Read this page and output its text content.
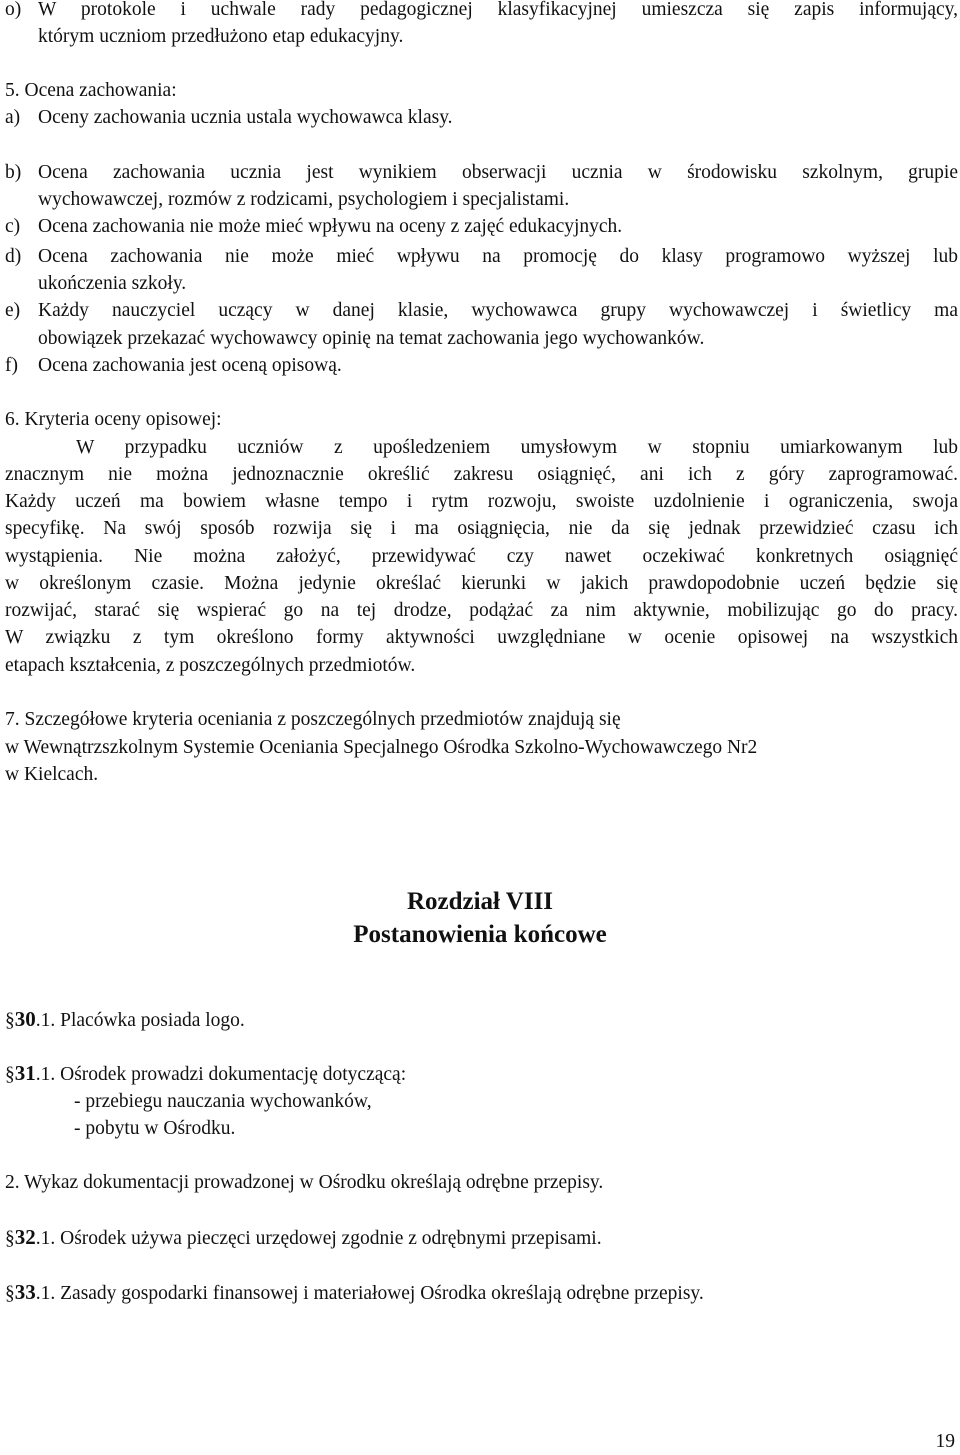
o) W protokole i uchwale rady pedagogicznej klasyfikacyjnej umieszcza się zapis informujący,
którym uczniom przedłużono etap edukacyjny.
5. Ocena zachowania:
a) Oceny zachowania ucznia ustala wychowawca klasy.
b) Ocena zachowania ucznia jest wynikiem obserwacji ucznia w środowisku szkolnym, grupie
wychowawczej, rozmów z rodzicami, psychologiem i specjalistami.
c) Ocena zachowania nie może mieć wpływu na oceny z zajęć edukacyjnych.
d) Ocena zachowania nie może mieć wpływu na promocję do klasy programowo wyższej lub
ukończenia szkoły.
e) Każdy nauczyciel uczący w danej klasie, wychowawca grupy wychowawczej i świetlicy ma
obowiązek przekazać wychowawcy opinię na temat zachowania jego wychowanków.
f) Ocena zachowania jest oceną opisową.
6. Kryteria oceny opisowej:
W przypadku uczniów z upośledzeniem umysłowym w stopniu umiarkowanym lub
znacznym nie można jednoznacznie określić zakresu osiągnięć, ani ich z góry zaprogramować.
Każdy uczeń ma bowiem własne tempo i rytm rozwoju, swoiste uzdolnienie i ograniczenia, swoja
specyfikę. Na swój sposób rozwija się i ma osiągnięcia, nie da się jednak przewidzieć czasu ich
wystąpienia. Nie można założyć, przewidywać czy nawet oczekiwać konkretnych osiągnięć
w określonym czasie. Można jedynie określać kierunki w jakich prawdopodobnie uczeń będzie się
rozwijać, starać się wspierać go na tej drodze, podążać za nim aktywnie, mobilizując go do pracy.
W związku z tym określono formy aktywności uwzględniane w ocenie opisowej na wszystkich
etapach kształcenia, z poszczególnych przedmiotów.
7. Szczegółowe kryteria oceniania z poszczególnych przedmiotów znajdują się
w Wewnątrzszkolnym Systemie Oceniania Specjalnego Ośrodka Szkolno-Wychowawczego Nr2
w Kielcach.
Rozdział VIII
Postanowienia końcowe
§30.1. Placówka posiada logo.
§31.1. Ośrodek prowadzi dokumentację dotyczącą:
- przebiegu nauczania wychowanków,
- pobytu w Ośrodku.
2. Wykaz dokumentacji prowadzonej w Ośrodku określają odrębne przepisy.
§32.1. Ośrodek używa pieczęci urzędowej zgodnie z odrębnymi przepisami.
§33.1. Zasady gospodarki finansowej i materiałowej Ośrodka określają odrębne przepisy.
19
